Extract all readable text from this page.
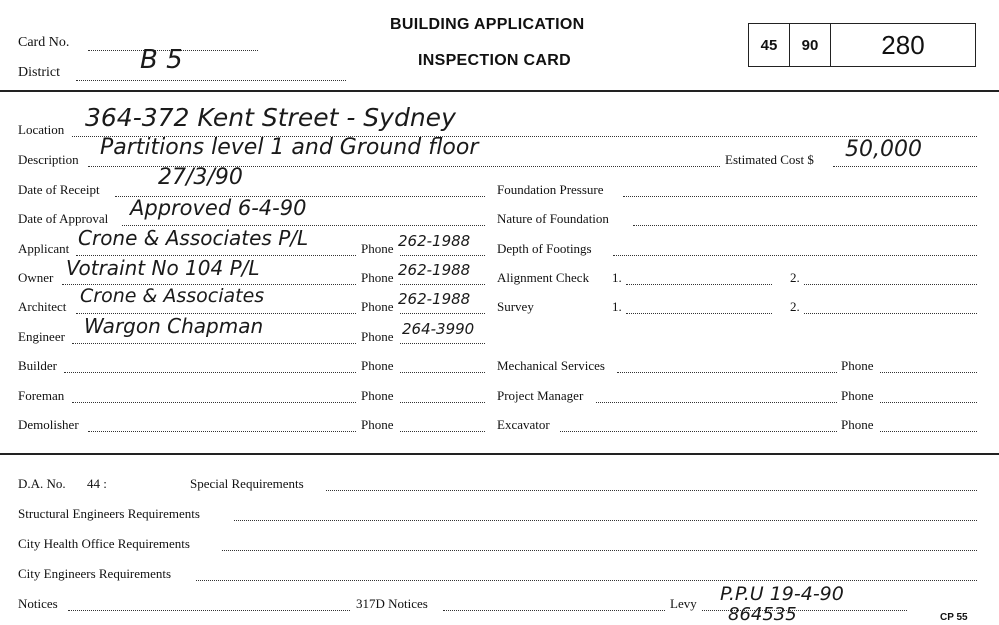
Card No.
District	B 5
BUILDING APPLICATION
INSPECTION CARD
45	90	280
Location 364-372 Kent Street - Sydney
Description Partitions level 1 and Ground floor	Estimated Cost $ 50,000
Date of Receipt	27/3/90
Date of Approval Approved 6-4-90
Applicant Crone & Associates P/L	Phone 262-1988
Owner Votraint No 104 P/L	Phone 262-1988
Architect Crone & Associates	Phone 262-1988
Engineer Wargon Chapman	Phone 264-3990
Builder	Phone
Foreman	Phone
Demolisher	Phone
Foundation Pressure
Nature of Foundation
Depth of Footings
Alignment Check 1.	2.
Survey	1.	2.
Mechanical Services	Phone
Project Manager	Phone
Excavator	Phone
D.A. No. 44 :	Special Requirements
Structural Engineers Requirements
City Health Office Requirements
City Engineers Requirements
Notices	317D Notices	Levy P.P.U 19-4-90
864535	CP 55
